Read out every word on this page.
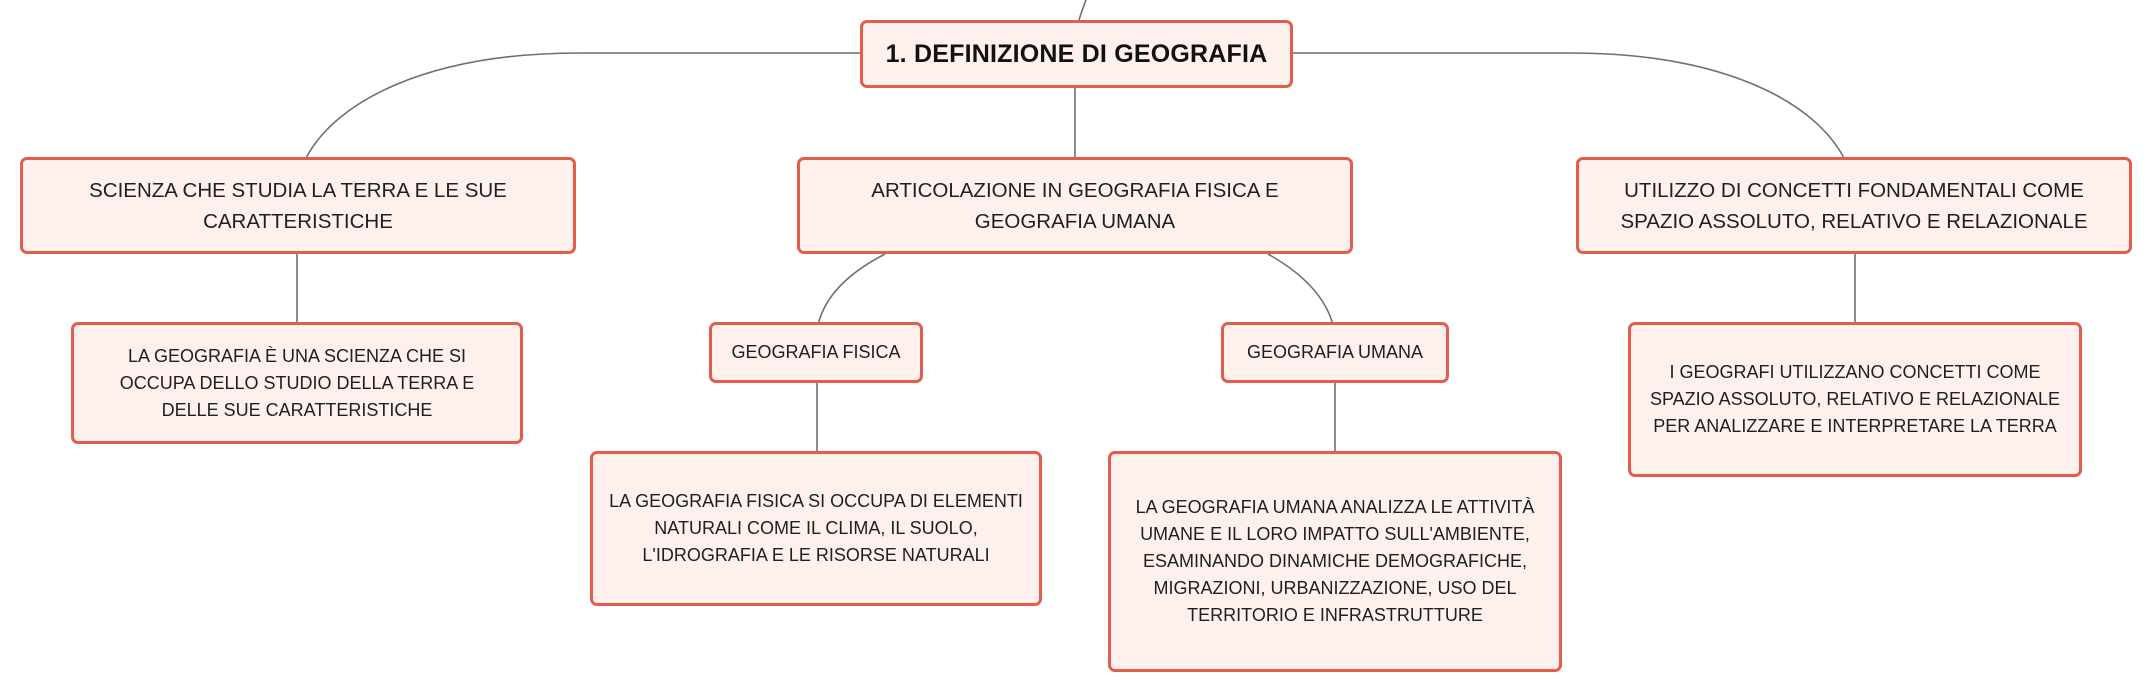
1. DEFINIZIONE DI GEOGRAFIA
SCIENZA CHE STUDIA LA TERRA E LE SUE CARATTERISTICHE
ARTICOLAZIONE IN GEOGRAFIA FISICA E GEOGRAFIA UMANA
UTILIZZO DI CONCETTI FONDAMENTALI COME SPAZIO ASSOLUTO, RELATIVO E RELAZIONALE
LA GEOGRAFIA È UNA SCIENZA CHE SI OCCUPA DELLO STUDIO DELLA TERRA E DELLE SUE CARATTERISTICHE
GEOGRAFIA FISICA	GEOGRAFIA UMANA
LA GEOGRAFIA FISICA SI OCCUPA DI ELEMENTI NATURALI COME IL CLIMA, IL SUOLO, L'IDROGRAFIA E LE RISORSE NATURALI
LA GEOGRAFIA UMANA ANALIZZA LE ATTIVITÀ UMANE E IL LORO IMPATTO SULL'AMBIENTE, ESAMINANDO DINAMICHE DEMOGRAFICHE, MIGRAZIONI, URBANIZZAZIONE, USO DEL TERRITORIO E INFRASTRUTTURE
I GEOGRAFI UTILIZZANO CONCETTI COME SPAZIO ASSOLUTO, RELATIVO E RELAZIONALE PER ANALIZZARE E INTERPRETARE LA TERRA
